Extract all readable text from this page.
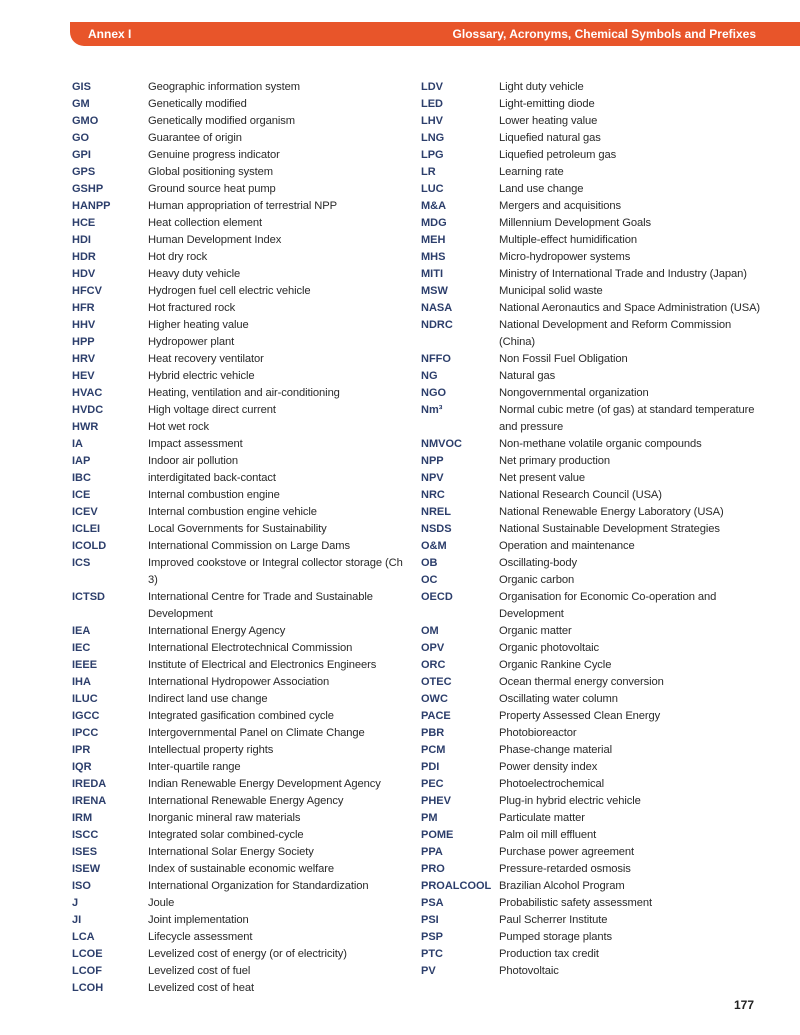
Annex I	Glossary, Acronyms, Chemical Symbols and Prefixes
GIS	Geographic information system
GM	Genetically modified
GMO	Genetically modified organism
GO	Guarantee of origin
GPI	Genuine progress indicator
GPS	Global positioning system
GSHP	Ground source heat pump
HANPP	Human appropriation of terrestrial NPP
HCE	Heat collection element
HDI	Human Development Index
HDR	Hot dry rock
HDV	Heavy duty vehicle
HFCV	Hydrogen fuel cell electric vehicle
HFR	Hot fractured rock
HHV	Higher heating value
HPP	Hydropower plant
HRV	Heat recovery ventilator
HEV	Hybrid electric vehicle
HVAC	Heating, ventilation and air-conditioning
HVDC	High voltage direct current
HWR	Hot wet rock
IA	Impact assessment
IAP	Indoor air pollution
IBC	interdigitated back-contact
ICE	Internal combustion engine
ICEV	Internal combustion engine vehicle
ICLEI	Local Governments for Sustainability
ICOLD	International Commission on Large Dams
ICS	Improved cookstove or Integral collector storage (Ch 3)
ICTSD	International Centre for Trade and Sustainable
Development
IEA	International Energy Agency
IEC	International Electrotechnical Commission
IEEE	Institute of Electrical and Electronics Engineers
IHA	International Hydropower Association
ILUC	Indirect land use change
IGCC	Integrated gasification combined cycle
IPCC	Intergovernmental Panel on Climate Change
IPR	Intellectual property rights
IQR	Inter-quartile range
IREDA	Indian Renewable Energy Development Agency
IRENA	International Renewable Energy Agency
IRM	Inorganic mineral raw materials
ISCC	Integrated solar combined-cycle
ISES	International Solar Energy Society
ISEW	Index of sustainable economic welfare
ISO	International Organization for Standardization
J	Joule
JI	Joint implementation
LCA	Lifecycle assessment
LCOE	Levelized cost of energy (or of electricity)
LCOF	Levelized cost of fuel
LCOH	Levelized cost of heat
LDV	Light duty vehicle
LED	Light-emitting diode
LHV	Lower heating value
LNG	Liquefied natural gas
LPG	Liquefied petroleum gas
LR	Learning rate
LUC	Land use change
M&A	Mergers and acquisitions
MDG	Millennium Development Goals
MEH	Multiple-effect humidification
MHS	Micro-hydropower systems
MITI	Ministry of International Trade and Industry (Japan)
MSW	Municipal solid waste
NASA	National Aeronautics and Space Administration (USA)
NDRC	National Development and Reform Commission
(China)
NFFO	Non Fossil Fuel Obligation
NG	Natural gas
NGO	Nongovernmental organization
Nm³	Normal cubic metre (of gas) at standard temperature
and pressure
NMVOC	Non-methane volatile organic compounds
NPP	Net primary production
NPV	Net present value
NRC	National Research Council (USA)
NREL	National Renewable Energy Laboratory (USA)
NSDS	National Sustainable Development Strategies
O&M	Operation and maintenance
OB	Oscillating-body
OC	Organic carbon
OECD	Organisation for Economic Co-operation and
Development
OM	Organic matter
OPV	Organic photovoltaic
ORC	Organic Rankine Cycle
OTEC	Ocean thermal energy conversion
OWC	Oscillating water column
PACE	Property Assessed Clean Energy
PBR	Photobioreactor
PCM	Phase-change material
PDI	Power density index
PEC	Photoelectrochemical
PHEV	Plug-in hybrid electric vehicle
PM	Particulate matter
POME	Palm oil mill effluent
PPA	Purchase power agreement
PRO	Pressure-retarded osmosis
PROALCOOL Brazilian Alcohol Program
PSA	Probabilistic safety assessment
PSI	Paul Scherrer Institute
PSP	Pumped storage plants
PTC	Production tax credit
PV	Photovoltaic
177
